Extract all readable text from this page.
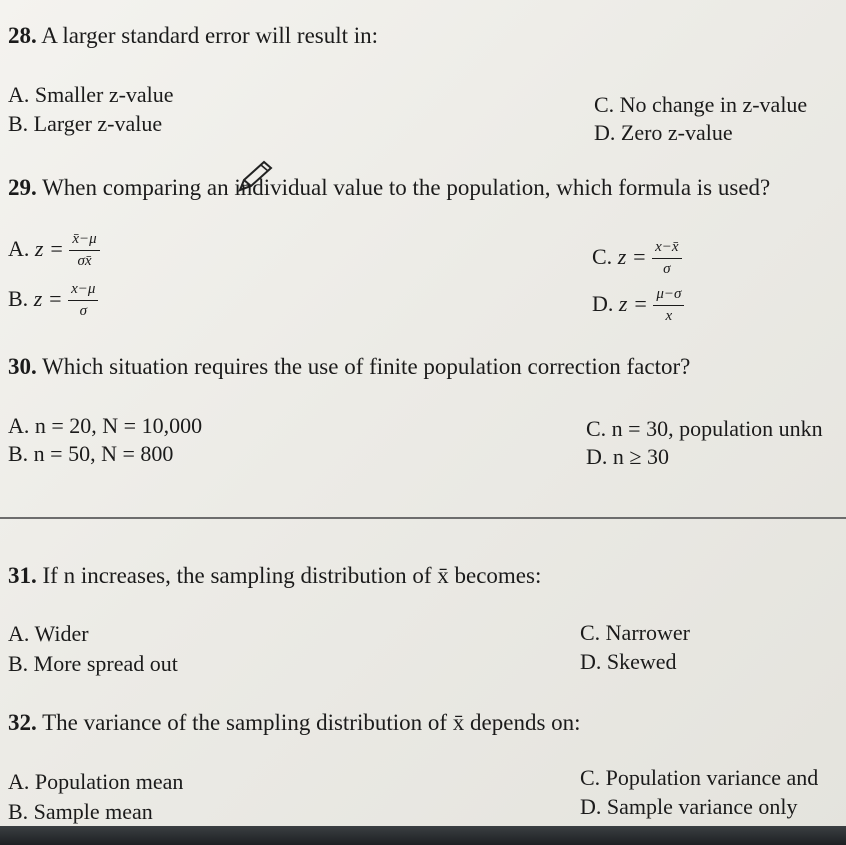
28. A larger standard error will result in:
A. Smaller z-value
B. Larger z-value
C. No change in z-value
D. Zero z-value
29. When comparing an individual value to the population, which formula is used?
A. $z = \frac{x̄-\mu}{\sigma x̄}$
B. $z = \frac{x-\mu}{\sigma}$
C. $z = \frac{x-x̄}{\sigma}$
D. $z = \frac{\mu-\sigma}{x}$
30. Which situation requires the use of finite population correction factor?
A. n = 20, N = 10,000
B. n = 50, N = 800
C. n = 30, population unkn
D. n ≥ 30
31. If n increases, the sampling distribution of x̄ becomes:
A. Wider
B. More spread out
C. Narrower
D. Skewed
32. The variance of the sampling distribution of x̄ depends on:
A. Population mean
B. Sample mean
C. Population variance and
D. Sample variance only
